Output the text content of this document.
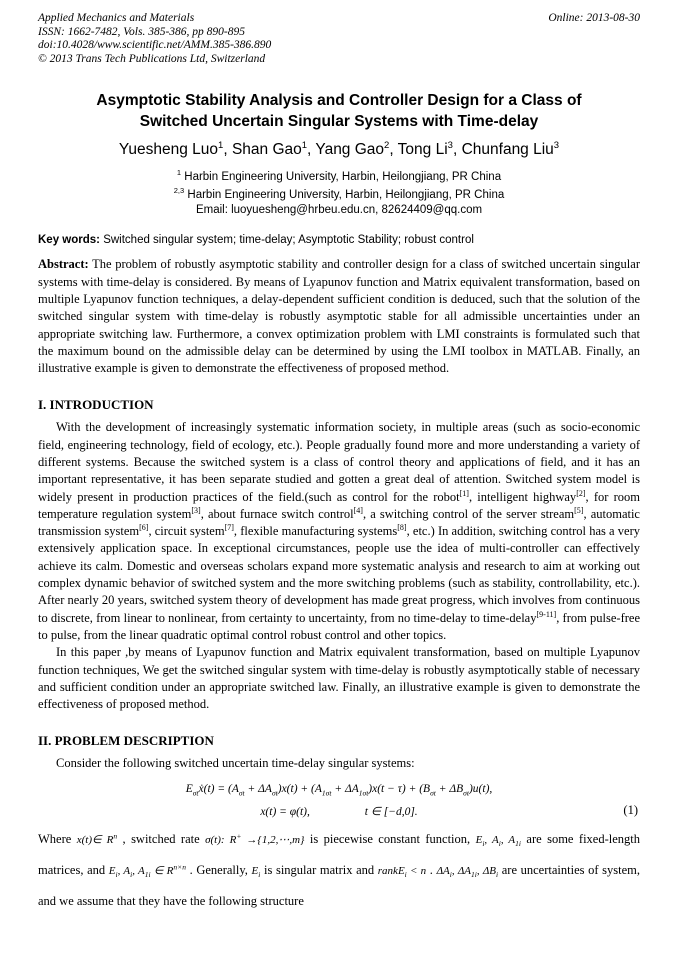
Applied Mechanics and Materials
ISSN: 1662-7482, Vols. 385-386, pp 890-895
doi:10.4028/www.scientific.net/AMM.385-386.890
© 2013 Trans Tech Publications Ltd, Switzerland
Online: 2013-08-30
Asymptotic Stability Analysis and Controller Design for a Class of
Switched Uncertain Singular Systems with Time-delay
Yuesheng Luo$^1$, Shan Gao$^1$, Yang Gao$^2$, Tong Li$^3$, Chunfang Liu$^3$
$^1$ Harbin Engineering University, Harbin, Heilongjiang, PR China
$^{2,3}$ Harbin Engineering University, Harbin, Heilongjiang, PR China
Email: luoyuesheng@hrbeu.edu.cn, 82624409@qq.com
Key words: Switched singular system; time-delay; Asymptotic Stability; robust control

Abstract: The problem of robustly asymptotic stability and controller design for a class of switched uncertain singular systems with time-delay is considered. By means of Lyapunov function and Matrix equivalent transformation, based on multiple Lyapunov function techniques, a delay-dependent sufficient condition is deduced, such that the solution of the switched singular system with time-delay is robustly asymptotic stable for all admissible uncertainties under an appropriate switching law. Furthermore, a convex optimization problem with LMI constraints is formulated such that the maximum bound on the admissible delay can be determined by using the LMI toolbox in MATLAB. Finally, an illustrative example is given to demonstrate the effectiveness of proposed method.

I. INTRODUCTION

With the development of increasingly systematic information society, in multiple areas (such as socio-economic field, engineering technology, field of ecology, etc.). People gradually found more and more understanding a variety of different systems. Because the switched system is a class of control theory and applications of field, and it has an important representative, it has been separate studied and gotten a great deal of attention. Switched system model is widely present in production practices of the field.(such as control for the robot[1], intelligent highway[2], for room temperature regulation system[3], about furnace switch control[4], a switching control of the server stream[5], automatic transmission system[6], circuit system[7], flexible manufacturing systems[8], etc.) In addition, switching control has a very extensively application space. In exceptional circumstances, people use the idea of multi-controller can effectively achieve its calm. Domestic and overseas scholars expand more systematic analysis and research to aim at working out complex dynamic behavior of switched system and the more switching problems (such as stability, controllability, etc.). After nearly 20 years, switched system theory of development has made great progress, which involves from continuous to discrete, from linear to nonlinear, from certainty to uncertainty, from no time-delay to time-delay[9-11], from pulse-free to pulse, from the linear quadratic optimal control robust control and other topics.

In this paper ,by means of Lyapunov function and Matrix equivalent transformation, based on multiple Lyapunov function techniques, We get the switched singular system with time-delay is robustly asymptotically stable of necessary and sufficient condition under an appropriate switched law. Finally, an illustrative example is given to demonstrate the effectiveness of proposed method.

II. PROBLEM DESCRIPTION

Consider the following switched uncertain time-delay singular systems:

$E_{\sigma t}ẋ(t) = (A_{\sigma t} + \Delta A_{\sigma t})x(t) + (A_{1\sigma t} + \Delta A_{1\sigma t})x(t - \tau) + (B_{\sigma t} + \Delta B_{\sigma t})u(t)$,
x(t) = φ(t),	t ∈ [−d,0].	(1)

Where x(t)∈ $R^n$ , switched rate σ(t): R+ →{1,2,⋯,m} is piecewise constant function, $E_i$, $A_i$, $A_{1i}$ are some fixed-length matrices, and $E_i$, $A_i$, $A_{1i}$ ∈ $R^{n\times n}$ . Generally, $E_i$ is singular matrix and rankE$_i$ < n . $\Delta A_i$, $\Delta A_{1i}$, $\Delta B_i$ are uncertainties of system, and we assume that they have the following structure
